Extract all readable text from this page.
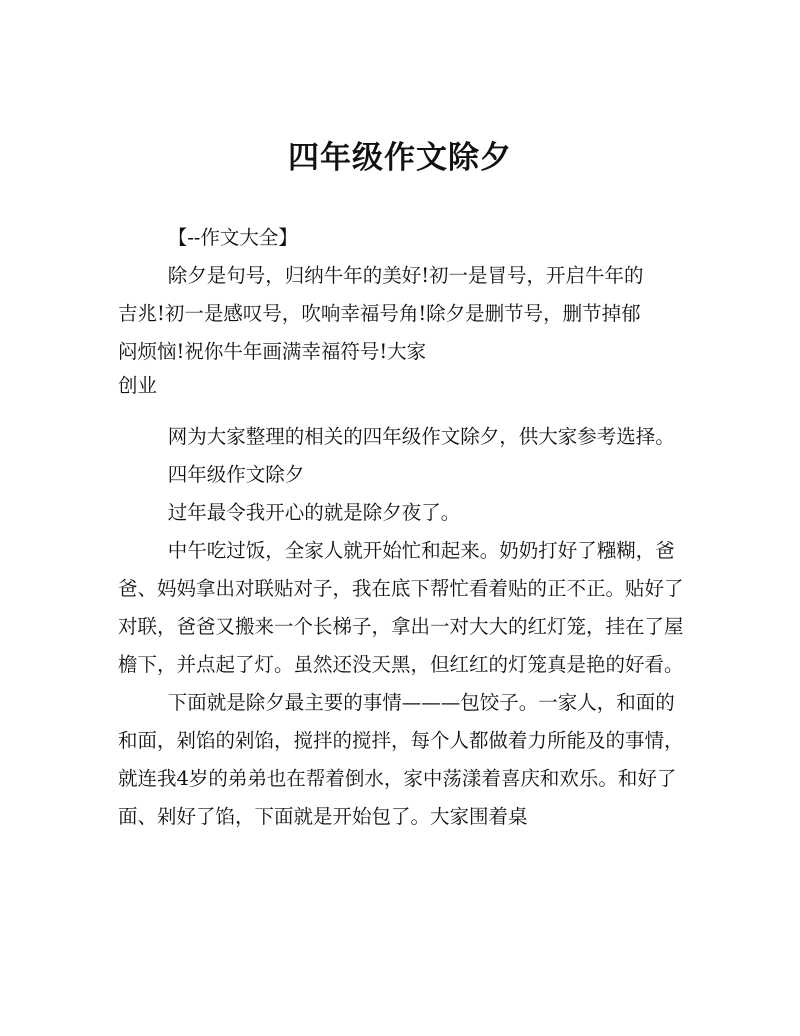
四年级作文除夕

【--作文大全】

除夕是句号，归纳牛年的美好!初一是冒号，开启牛年的

吉兆!初一是感叹号，吹响幸福号角!除夕是删节号，删节掉郁

闷烦恼!祝你牛年画满幸福符号!大家

创业

网为大家整理的相关的四年级作文除夕，供大家参考选择。

四年级作文除夕

过年最令我开心的就是除夕夜了。

中午吃过饭，全家人就开始忙和起来。奶奶打好了糨糊，爸爸、妈妈拿出对联贴对子，我在底下帮忙看着贴的正不正。贴好了对联，爸爸又搬来一个长梯子，拿出一对大大的红灯笼，挂在了屋檐下，并点起了灯。虽然还没天黑，但红红的灯笼真是艳的好看。

下面就是除夕最主要的事情———包饺子。一家人，和面的和面，剁馅的剁馅，搅拌的搅拌，每个人都做着力所能及的事情，就连我4岁的弟弟也在帮着倒水，家中荡漾着喜庆和欢乐。和好了面、剁好了馅，下面就是开始包了。大家围着桌
